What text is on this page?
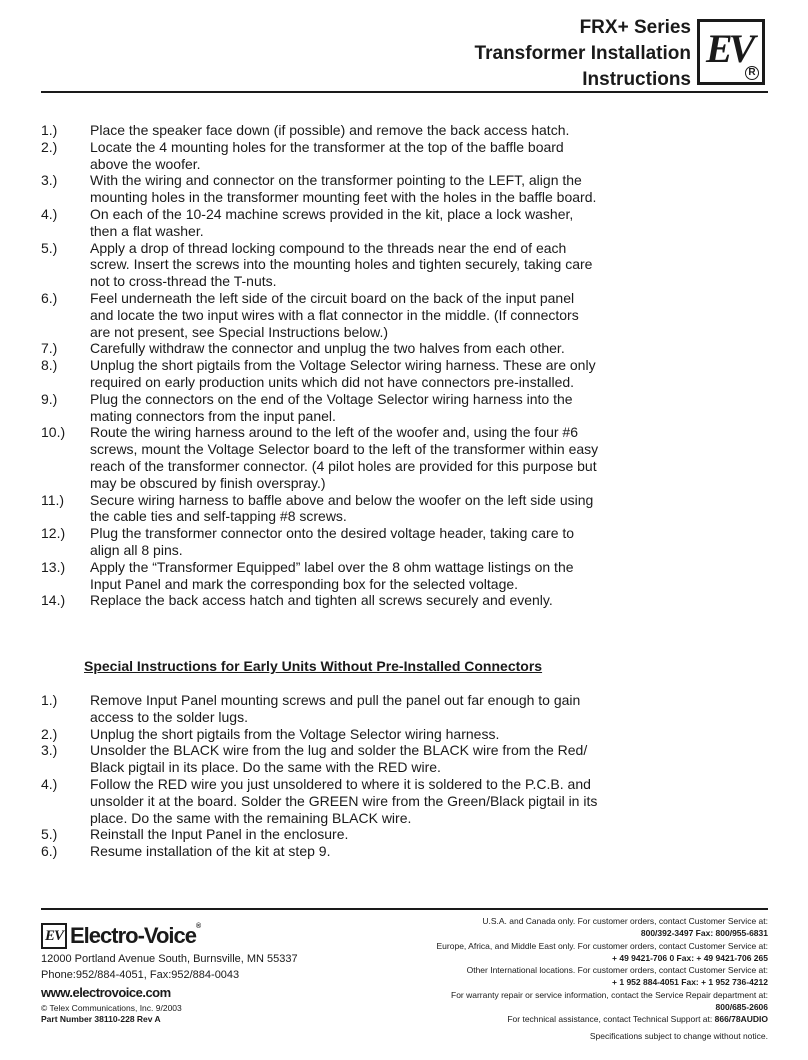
FRX+ Series
Transformer Installation
Instructions
EV
R
1.) Place the speaker face down (if possible) and remove the back access hatch.
2.) Locate the 4 mounting holes for the transformer at the top of the baffle board above the woofer.
3.) With the wiring and connector on the transformer pointing to the LEFT, align the mounting holes in the transformer mounting feet with the holes in the baffle board.
4.) On each of the 10-24 machine screws provided in the kit, place a lock washer, then a flat washer.
5.) Apply a drop of thread locking compound to the threads near the end of each screw. Insert the screws into the mounting holes and tighten securely, taking care not to cross-thread the T-nuts.
6.) Feel underneath the left side of the circuit board on the back of the input panel and locate the two input wires with a flat connector in the middle. (If connectors are not present, see Special Instructions below.)
7.) Carefully withdraw the connector and unplug the two halves from each other.
8.) Unplug the short pigtails from the Voltage Selector wiring harness. These are only required on early production units which did not have connectors pre-installed.
9.) Plug the connectors on the end of the Voltage Selector wiring harness into the mating connectors from the input panel.
10.) Route the wiring harness around to the left of the woofer and, using the four #6 screws, mount the Voltage Selector board to the left of the transformer within easy reach of the transformer connector. (4 pilot holes are provided for this purpose but may be obscured by finish overspray.)
11.) Secure wiring harness to baffle above and below the woofer on the left side using the cable ties and self-tapping #8 screws.
12.) Plug the transformer connector onto the desired voltage header, taking care to align all 8 pins.
13.) Apply the “Transformer Equipped” label over the 8 ohm wattage listings on the Input Panel and mark the corresponding box for the selected voltage.
14.) Replace the back access hatch and tighten all screws securely and evenly.
Special Instructions for Early Units Without Pre-Installed Connectors
1.) Remove Input Panel mounting screws and pull the panel out far enough to gain access to the solder lugs.
2.) Unplug the short pigtails from the Voltage Selector wiring harness.
3.) Unsolder the BLACK wire from the lug and solder the BLACK wire from the Red/ Black pigtail in its place. Do the same with the RED wire.
4.) Follow the RED wire you just unsoldered to where it is soldered to the P.C.B. and unsolder it at the board. Solder the GREEN wire from the Green/Black pigtail in its place. Do the same with the remaining BLACK wire.
5.) Reinstall the Input Panel in the enclosure.
6.) Resume installation of the kit at step 9.
EV Electro-Voice®
12000 Portland Avenue South, Burnsville, MN 55337
Phone:952/884-4051, Fax:952/884-0043
www.electrovoice.com
© Telex Communications, Inc. 9/2003
Part Number 38110-228 Rev A
U.S.A. and Canada only. For customer orders, contact Customer Service at:
800/392-3497 Fax: 800/955-6831
Europe, Africa, and Middle East only. For customer orders, contact Customer Service at:
+ 49 9421-706 0 Fax: + 49 9421-706 265
Other International locations. For customer orders, contact Customer Service at:
+ 1 952 884-4051 Fax: + 1 952 736-4212
For warranty repair or service information, contact the Service Repair department at:
800/685-2606
For technical assistance, contact Technical Support at: 866/78AUDIO
Specifications subject to change without notice.
